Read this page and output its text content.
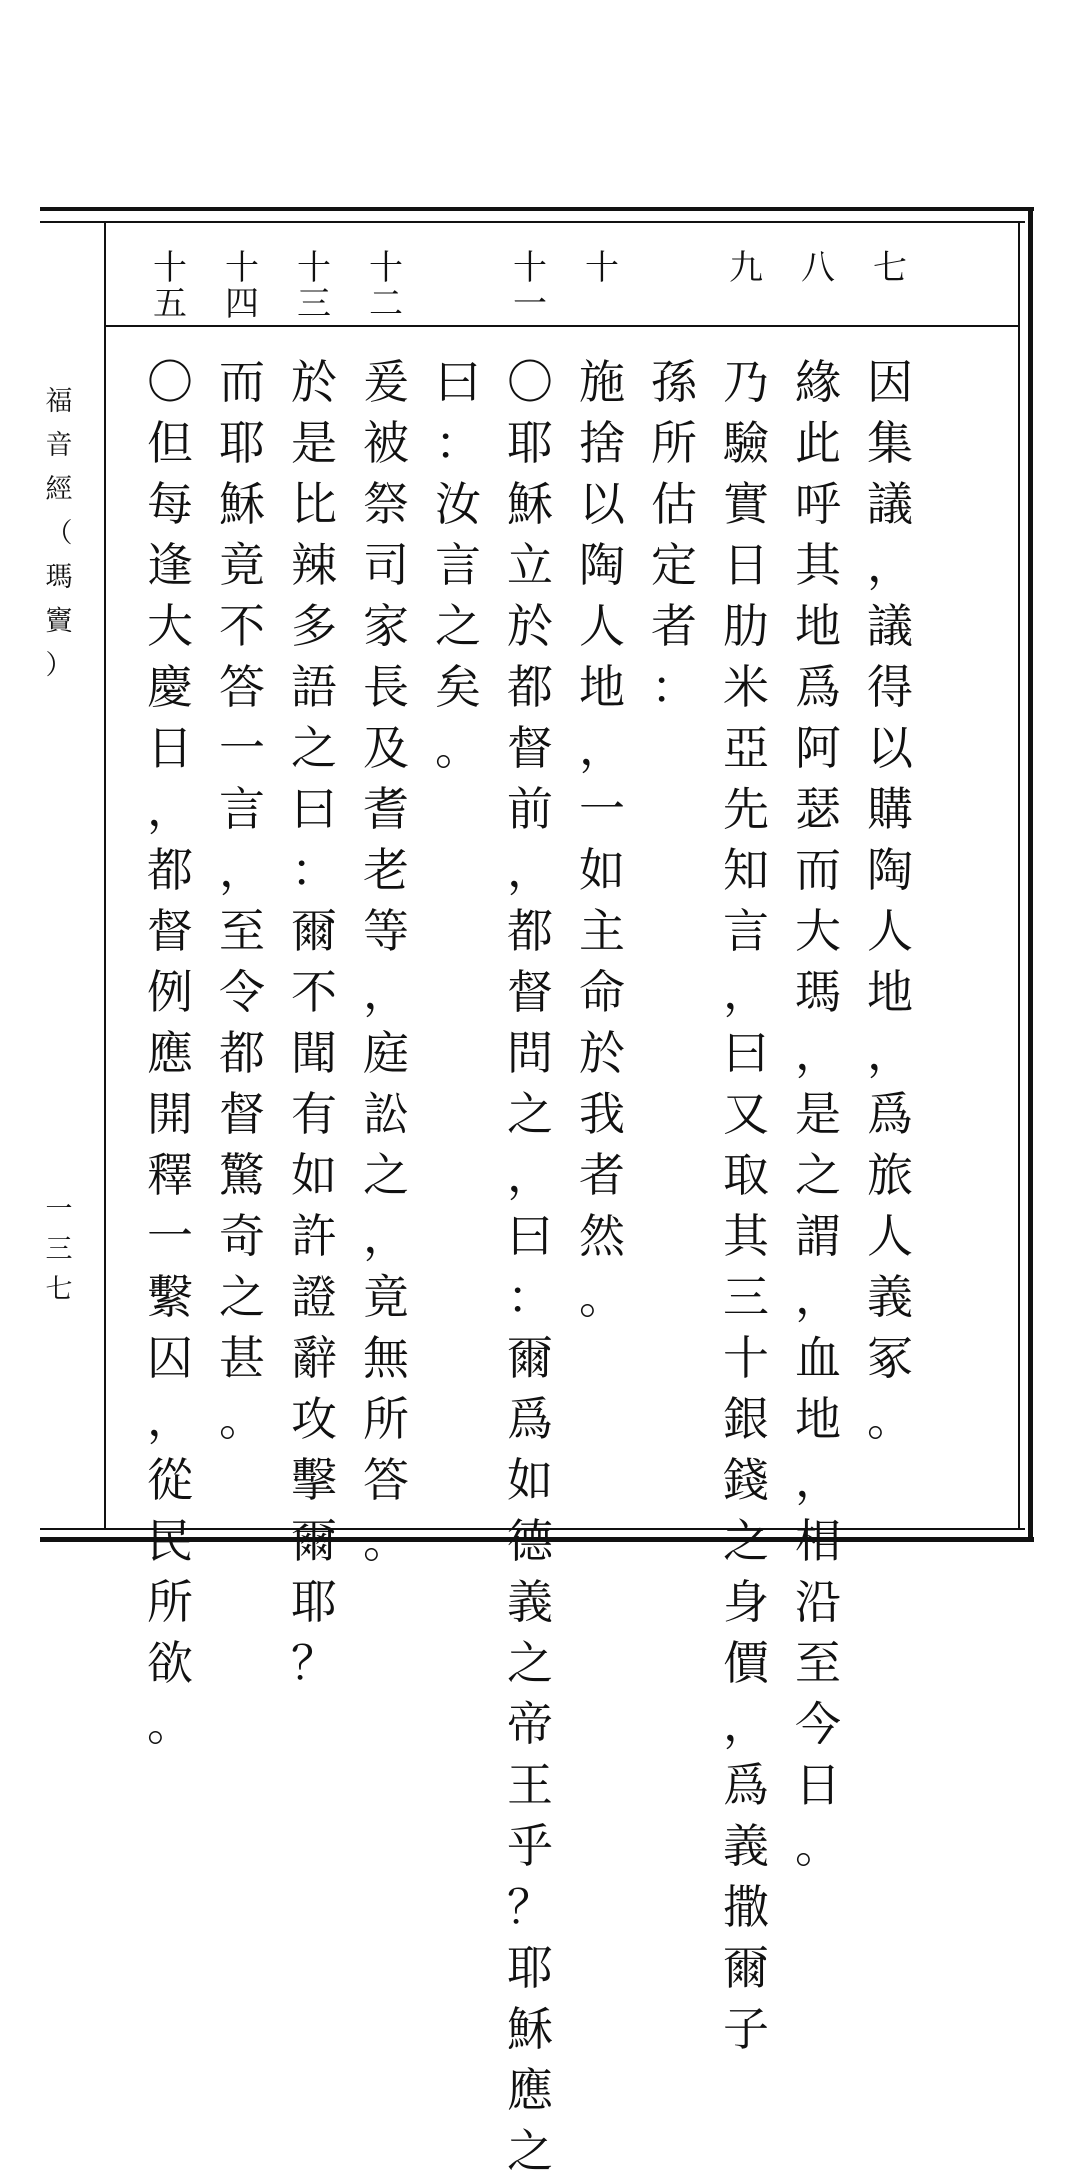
福
音
經
（
瑪
竇
）
一
三
七
七
因
集
議
，
議
得
以
購
陶
人
地
，
爲
旅
人
義
冢
。
八
緣
此
呼
其
地
爲
阿
瑟
而
大
瑪
，
是
之
謂
，
血
地
，
相
沿
至
今
日
。
九
乃
驗
實
日
肋
米
亞
先
知
言
，
曰
又
取
其
三
十
銀
錢
之
身
價
，
爲
義
撒
爾
子
孫
所
估
定
者
：
十
施
捨
以
陶
人
地
，
一
如
主
命
於
我
者
然
。
十
一
〇
耶
穌
立
於
都
督
前
，
都
督
問
之
，
曰
：
爾
爲
如
德
義
之
帝
王
乎
？
耶
穌
應
之
曰
：
汝
言
之
矣
。
十
二
爰
被
祭
司
家
長
及
耆
老
等
，
庭
訟
之
，
竟
無
所
答
。
十
三
於
是
比
辣
多
語
之
曰
：
爾
不
聞
有
如
許
證
辭
攻
擊
爾
耶
？
十
四
而
耶
穌
竟
不
答
一
言
，
至
令
都
督
驚
奇
之
甚
。
十
五
〇
但
每
逢
大
慶
日
，
都
督
例
應
開
釋
一
繫
囚
，
從
民
所
欲
。
